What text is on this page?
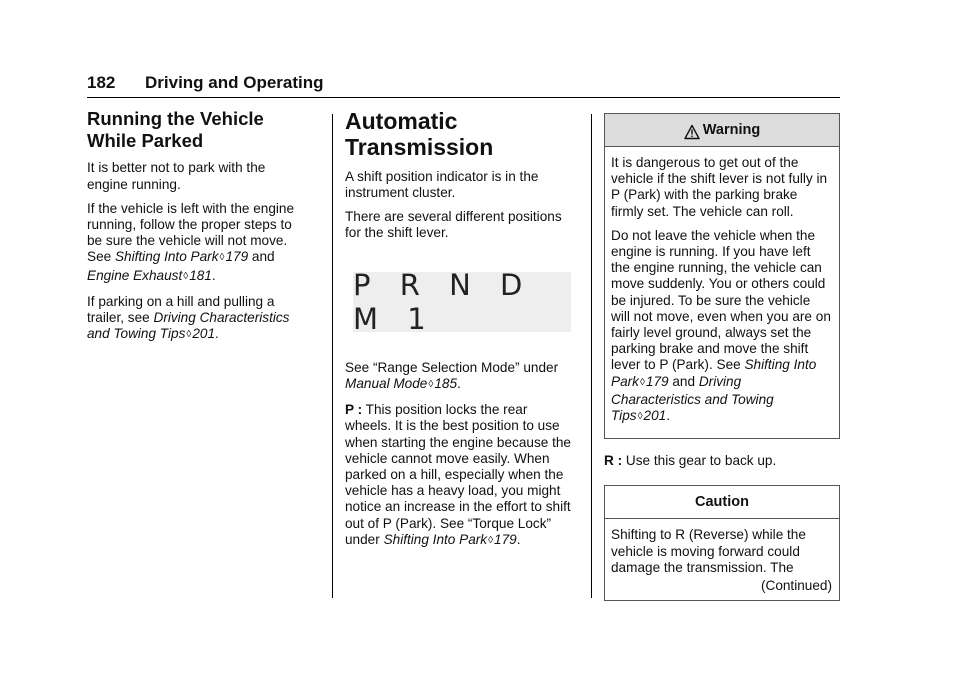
182 Driving and Operating
Running the Vehicle
While Parked

It is better not to park with the engine running.

If the vehicle is left with the engine running, follow the proper steps to be sure the vehicle will not move. See Shifting Into Park◊179 and Engine Exhaust◊181.

If parking on a hill and pulling a trailer, see Driving Characteristics and Towing Tips◊201.

Automatic
Transmission

A shift position indicator is in the instrument cluster.

There are several different positions for the shift lever.

P R N D M 1

See “Range Selection Mode” under Manual Mode◊185.

P : This position locks the rear wheels. It is the best position to use when starting the engine because the vehicle cannot move easily. When parked on a hill, especially when the vehicle has a heavy load, you might notice an increase in the effort to shift out of P (Park). See “Torque Lock” under Shifting Into Park◊179.

Warning

It is dangerous to get out of the vehicle if the shift lever is not fully in P (Park) with the parking brake firmly set. The vehicle can roll.

Do not leave the vehicle when the engine is running. If you have left the engine running, the vehicle can move suddenly. You or others could be injured. To be sure the vehicle will not move, even when you are on fairly level ground, always set the parking brake and move the shift lever to P (Park). See Shifting Into Park◊179 and Driving Characteristics and Towing Tips◊201.

R : Use this gear to back up.

Caution

Shifting to R (Reverse) while the vehicle is moving forward could damage the transmission. The

(Continued)
